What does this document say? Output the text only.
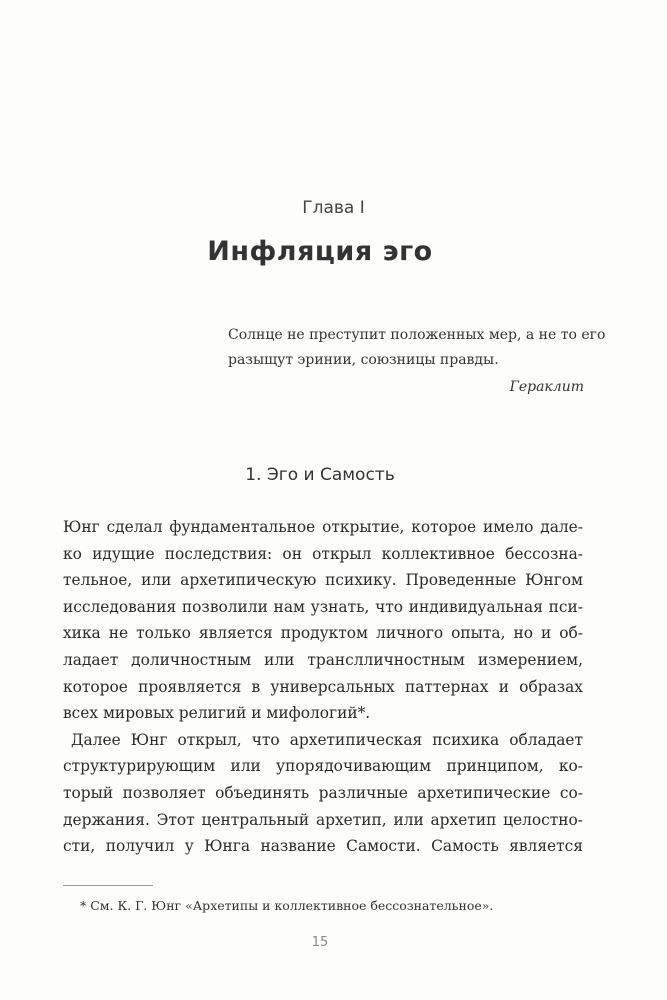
Глава I
Инфляция эго
Солнце не преступит положенных мер, а не то его
разыщут эринии, союзницы правды.
Гераклит
1. Эго и Самость
Юнг сделал фундаментальное открытие, которое имело дале-
ко идущие последствия: он открыл коллективное бессозна-
тельное, или архетипическую психику. Проведенные Юнгом
исследования позволили нам узнать, что индивидуальная пси-
хика не только является продуктом личного опыта, но и об-
ладает доличностным или транслличностным измерением,
которое проявляется в универсальных паттернах и образах
всех мировых религий и мифологий*.
Далее Юнг открыл, что архетипическая психика обладает
структурирующим или упорядочивающим принципом, ко-
торый позволяет объединять различные архетипические со-
держания. Этот центральный архетип, или архетип целостно-
сти, получил у Юнга название Самости. Самость является
* См. К. Г. Юнг «Архетипы и коллективное бессознательное».
15
